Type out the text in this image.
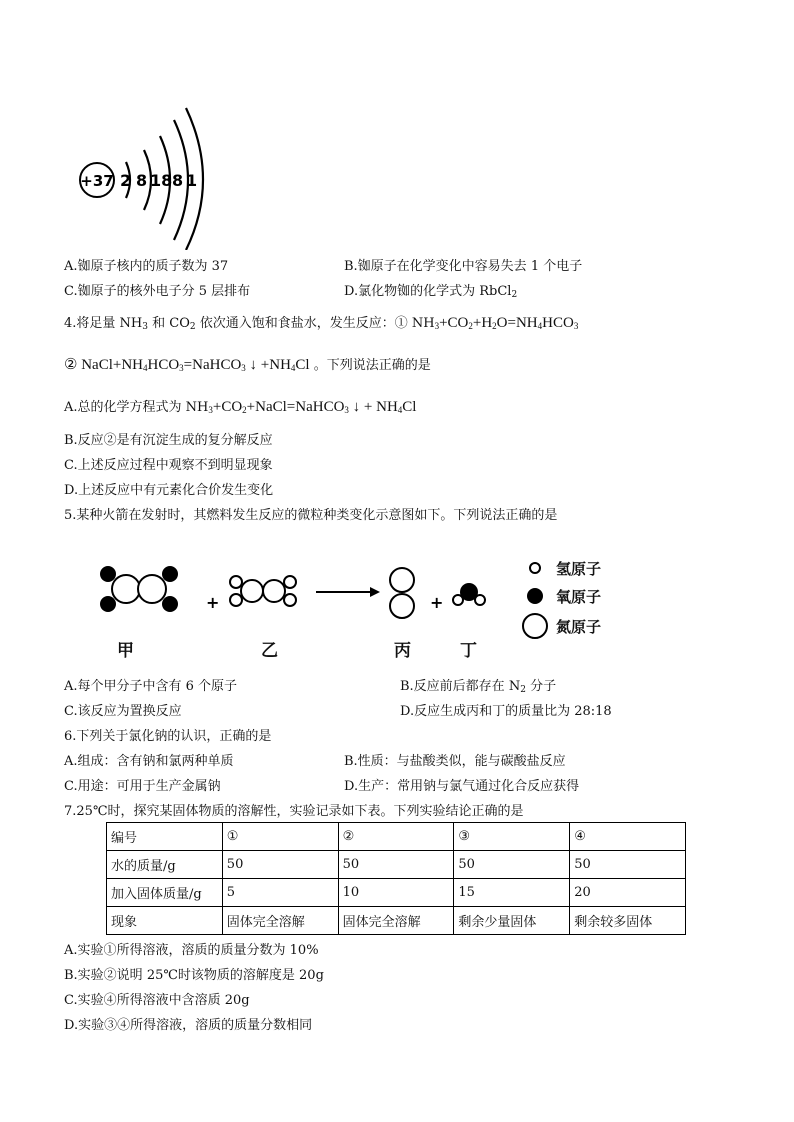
+37 2 8 18 8 1
A.铷原子核内的质子数为 37	B.铷原子在化学变化中容易失去 1 个电子
C.铷原子的核外电子分 5 层排布	D.氯化物铷的化学式为 RbCl$_2$
4.将足量 $NH_3$ 和 $CO_2$ 依次通入饱和食盐水，发生反应：① $NH_3+CO_2+H_2O=NH_4HCO_3$
② $NaCl+NH_4HCO_3=NaHCO_3$ ↓ $+NH_4Cl$ 。下列说法正确的是
A.总的化学方程式为 $NH_3+CO_2+NaCl=NaHCO_3$ ↓ + $NH_4Cl$
B.反应②是有沉淀生成的复分解反应
C.上述反应过程中观察不到明显现象
D.上述反应中有元素化合价发生变化
5.某种火箭在发射时，其燃料发生反应的微粒种类变化示意图如下。下列说法正确的是
+	+
甲	乙	丙	丁
氢原子
氧原子
氮原子
A.每个甲分子中含有 6 个原子	B.反应前后都存在 $N_2$ 分子
C.该反应为置换反应	D.反应生成丙和丁的质量比为 28:18
6.下列关于氯化钠的认识，正确的是
A.组成：含有钠和氯两种单质	B.性质：与盐酸类似，能与碳酸盐反应
C.用途：可用于生产金属钠	D.生产：常用钠与氯气通过化合反应获得
7.25℃时，探究某固体物质的溶解性，实验记录如下表。下列实验结论正确的是
编号	①	②	③	④
水的质量/g	50	50	50	50
加入固体质量/g	5	10	15	20
现象	固体完全溶解	固体完全溶解	剩余少量固体	剩余较多固体
A.实验①所得溶液，溶质的质量分数为 10%
B.实验②说明 25℃时该物质的溶解度是 20g
C.实验④所得溶液中含溶质 20g
D.实验③④所得溶液，溶质的质量分数相同
